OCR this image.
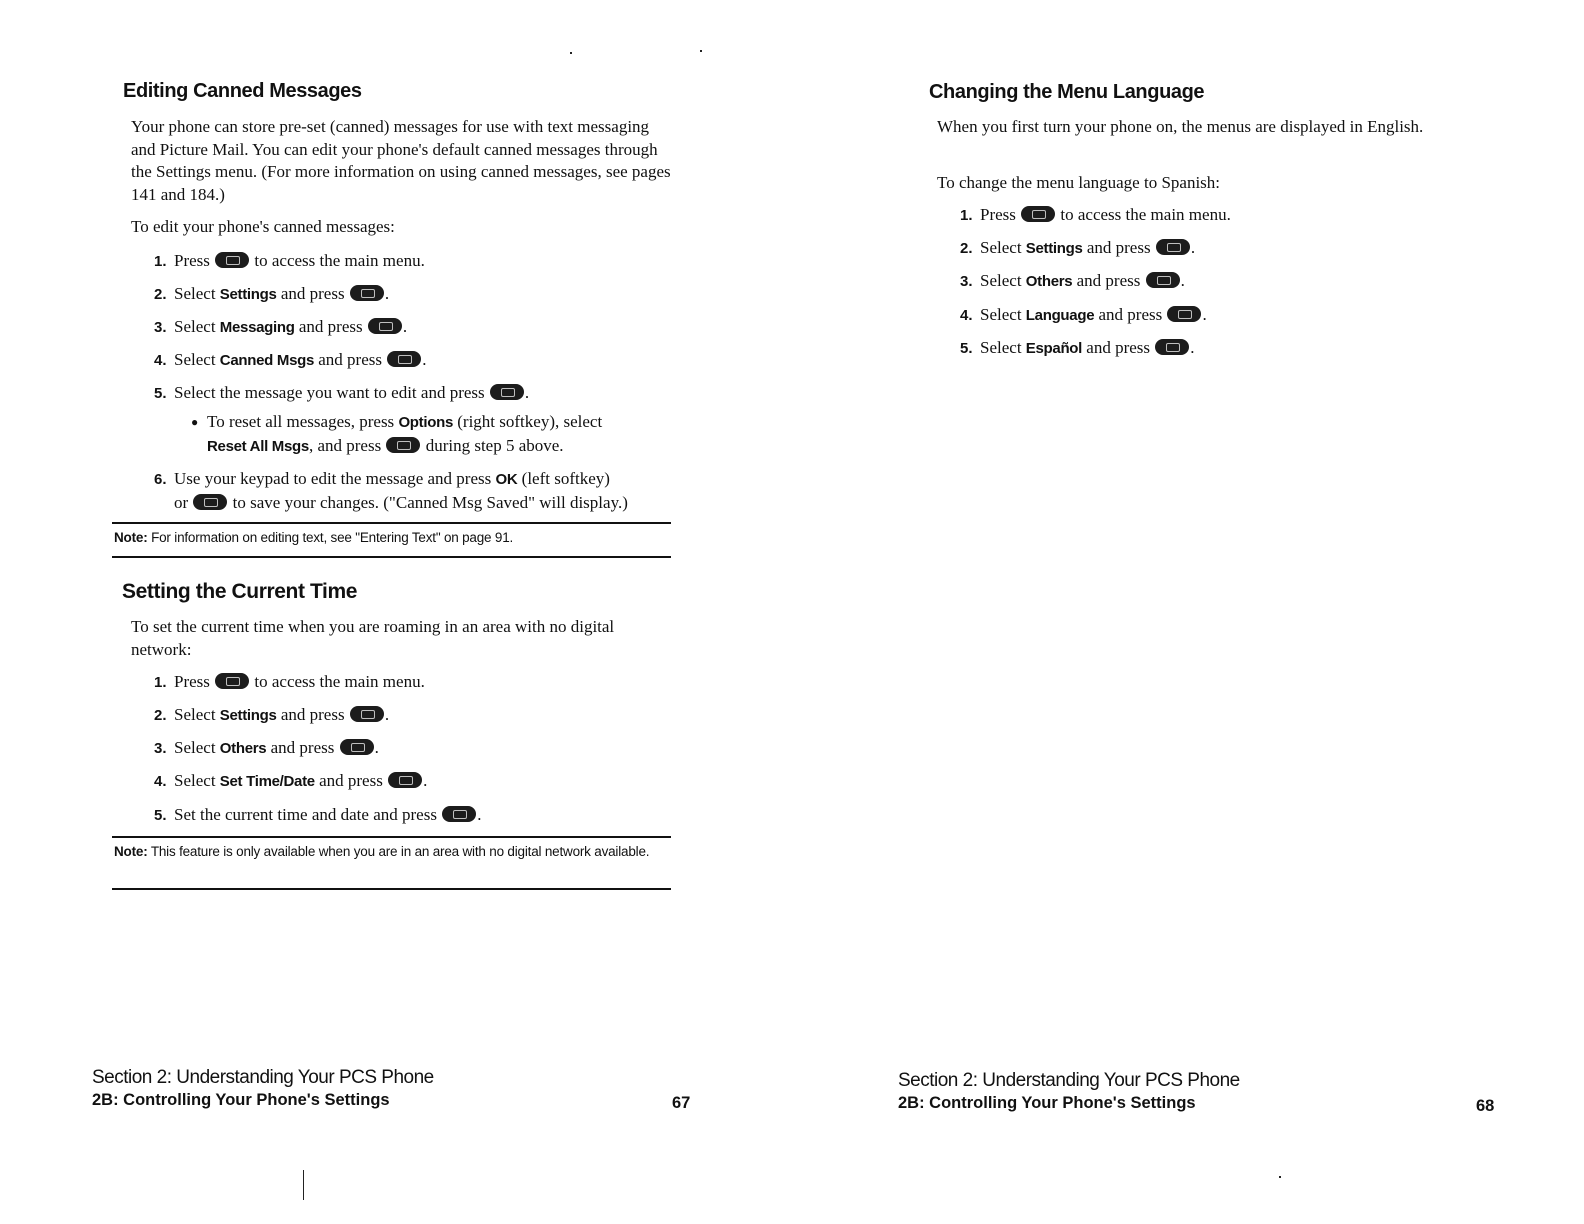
Editing Canned Messages

Your phone can store pre-set (canned) messages for use with text messaging and Picture Mail. You can edit your phone's default canned messages through the Settings menu. (For more information on using canned messages, see pages 141 and 184.)

To edit your phone's canned messages:

1. Press	to access the main menu.
2. Select Settings and press .
3. Select Messaging and press .
4. Select Canned Msgs and press .
5. Select the message you want to edit and press .
● To reset all messages, press Options (right softkey), select
Reset All Msgs, and press	during step 5 above.
6. Use your keypad to edit the message and press OK (left softkey)
or	to save your changes. ("Canned Msg Saved" will display.)
Note: For information on editing text, see "Entering Text" on page 91.
Setting the Current Time

To set the current time when you are roaming in an area with no digital network:

1. Press	to access the main menu.
2. Select Settings and press .
3. Select Others and press .
4. Select Set Time/Date and press .
5. Set the current time and date and press .
Note: This feature is only available when you are in an area with no digital network available.
Section 2: Understanding Your PCS Phone
2B: Controlling Your Phone's Settings	67
Changing the Menu Language

When you first turn your phone on, the menus are displayed in English.

To change the menu language to Spanish:

1. Press	to access the main menu.
2. Select Settings and press .
3. Select Others and press .
4. Select Language and press .
5. Select Español and press .
Section 2: Understanding Your PCS Phone
2B: Controlling Your Phone's Settings	68
